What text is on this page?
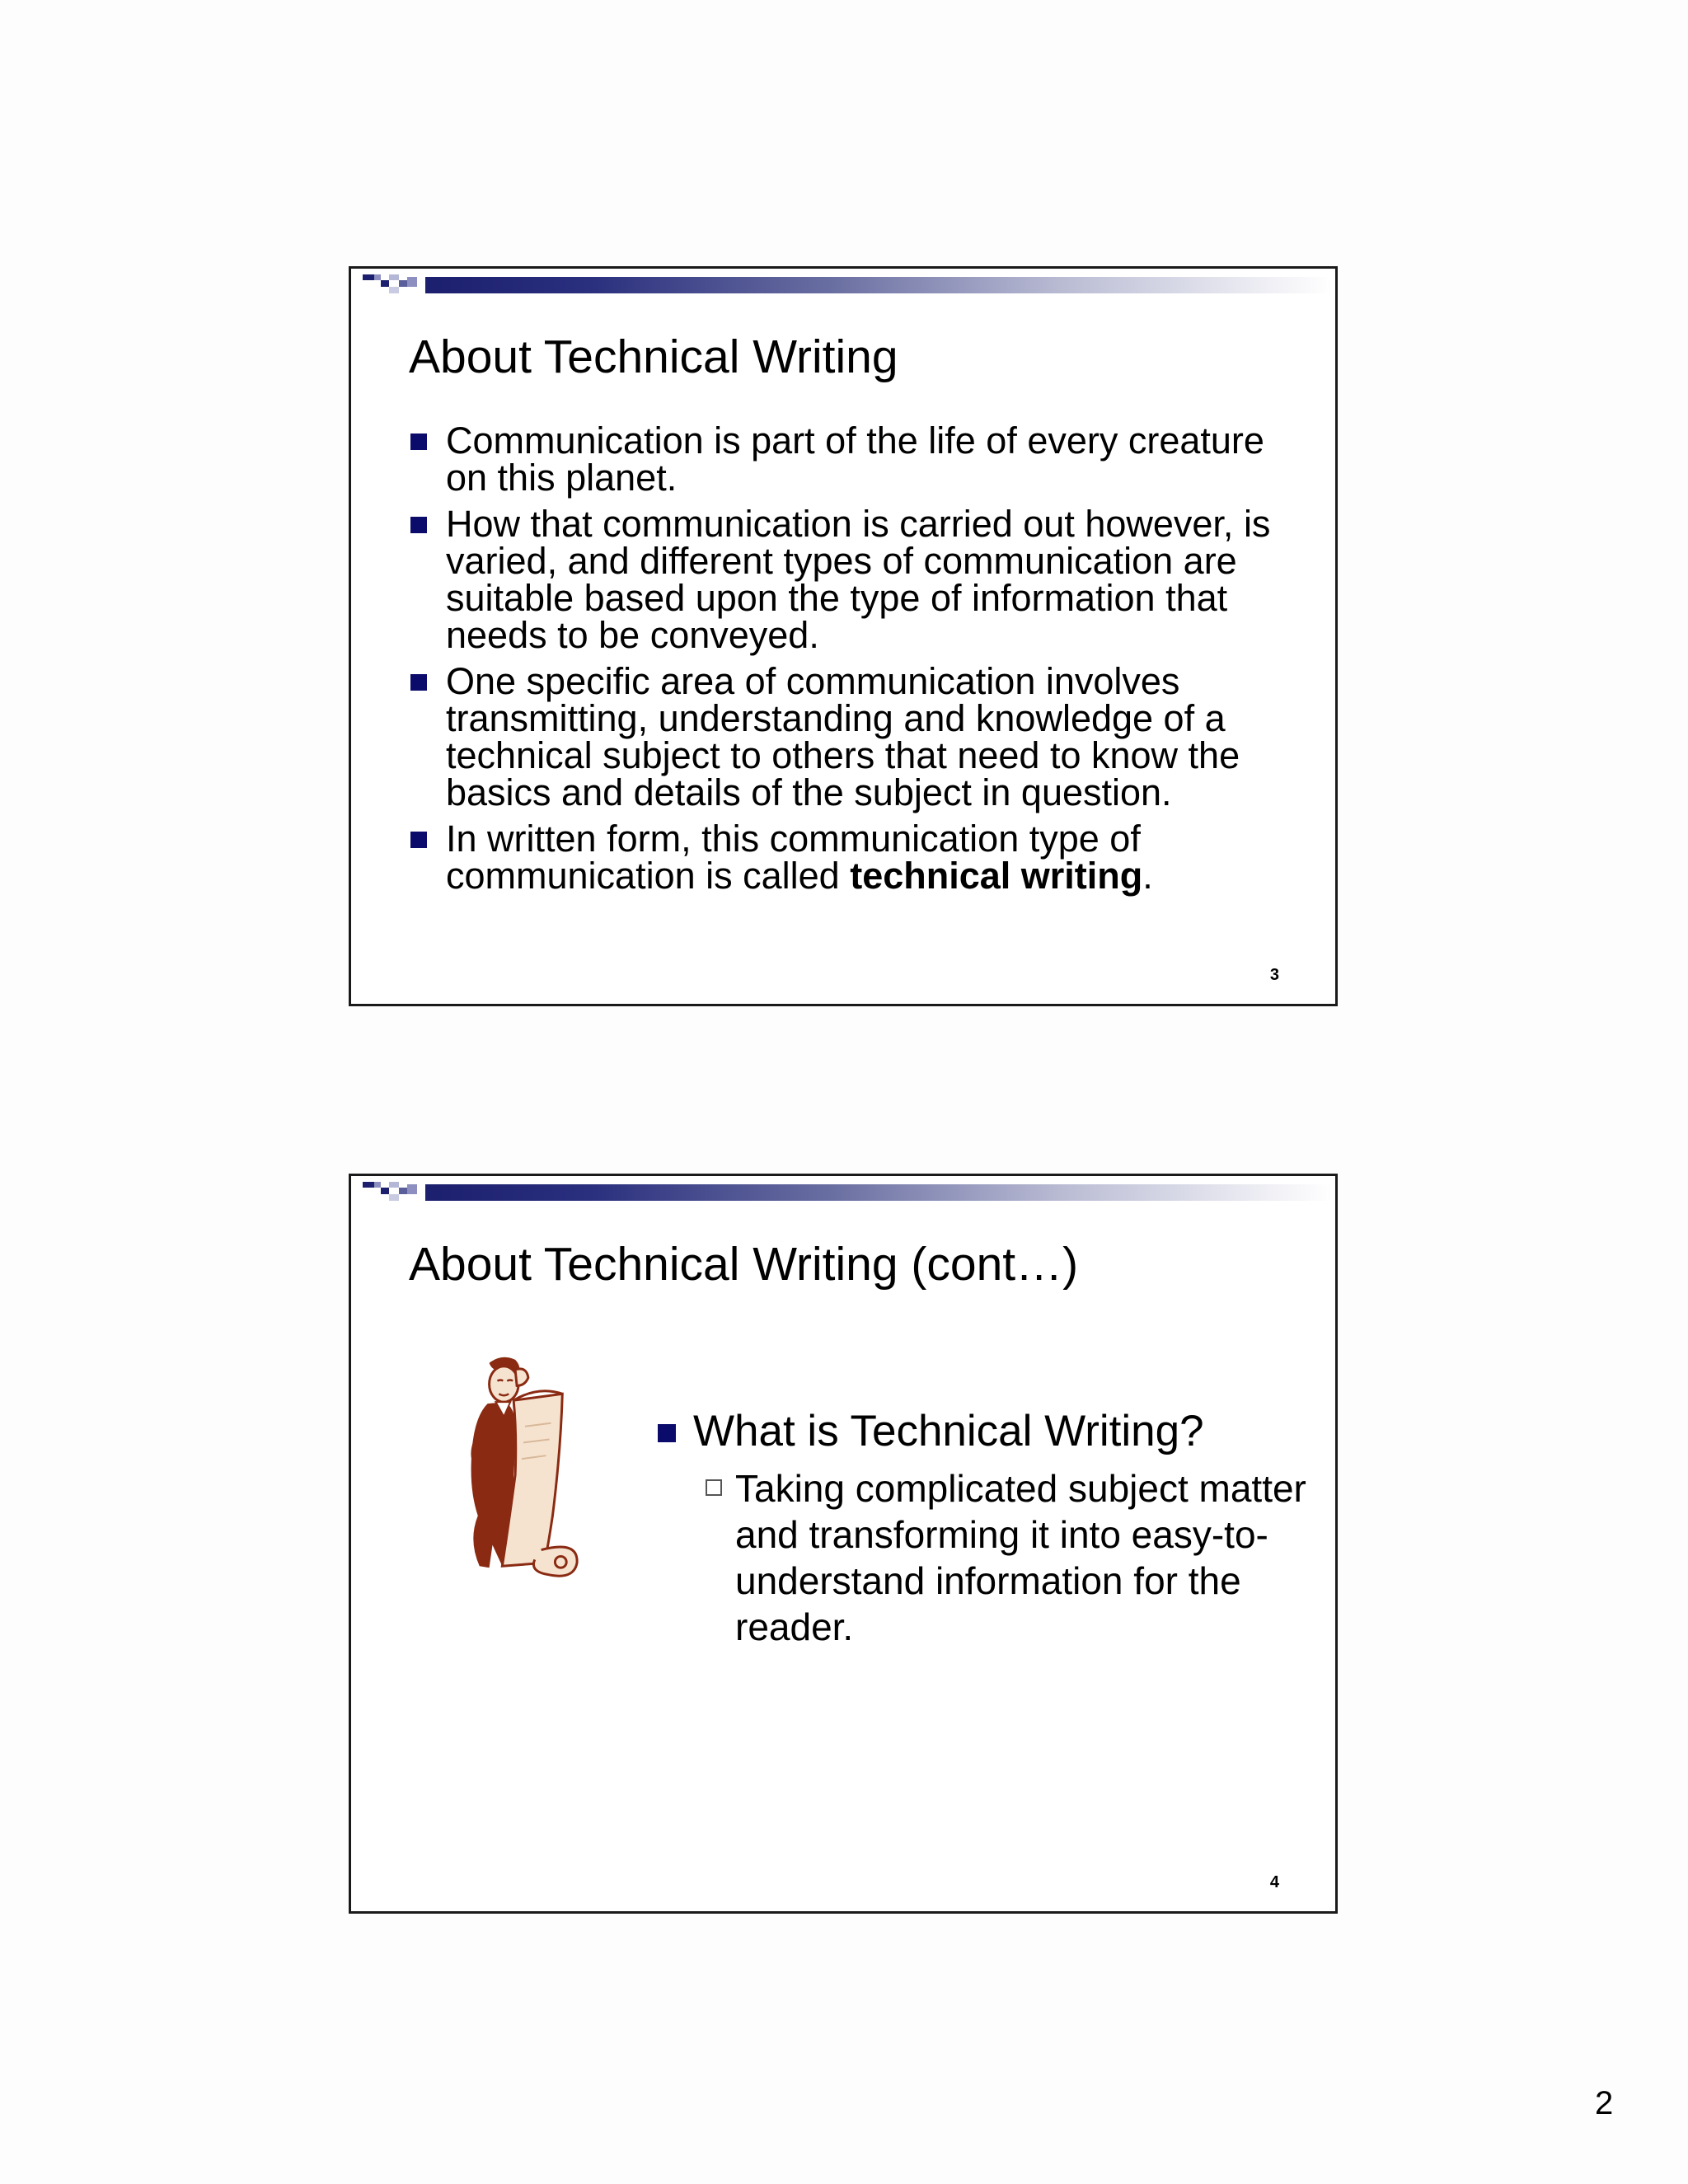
About Technical Writing
Communication is part of the life of every creature on this planet.
How that communication is carried out however, is varied, and different types of communication are suitable based upon the type of information that needs to be conveyed.
One specific area of communication involves transmitting, understanding and knowledge of a technical subject to others that need to know the basics and details of the subject in question.
In written form, this communication type of communication is called technical writing.
3
About Technical Writing (cont…)
What is Technical Writing?
Taking complicated subject matter and transforming it into easy-to-understand information for the reader.
4
2
